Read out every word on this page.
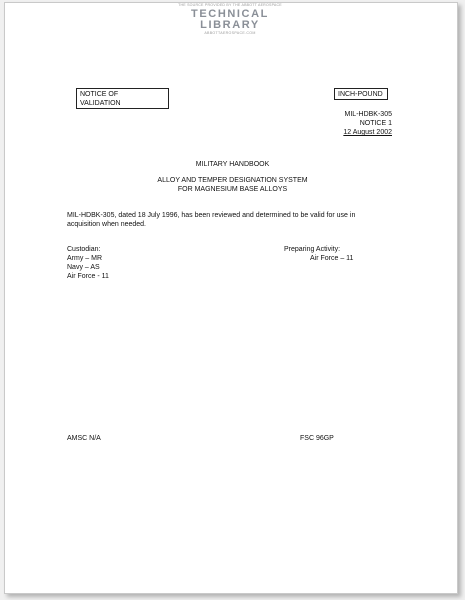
THE SOURCE PROVIDED BY THE ABBOTT AEROSPACE
TECHNICAL LIBRARY
ABBOTTAEROSPACE.COM
NOTICE OF
VALIDATION
INCH-POUND
MIL-HDBK-305
NOTICE 1
12 August 2002
MILITARY HANDBOOK
ALLOY AND TEMPER DESIGNATION SYSTEM
FOR MAGNESIUM BASE ALLOYS
MIL-HDBK-305, dated 18 July 1996, has been reviewed and determined to be valid for use in
acquisition when needed.
Custodian:
Army – MR
Navy – AS
Air Force - 11
Preparing Activity:
Air Force – 11
AMSC N/A	FSC 96GP
